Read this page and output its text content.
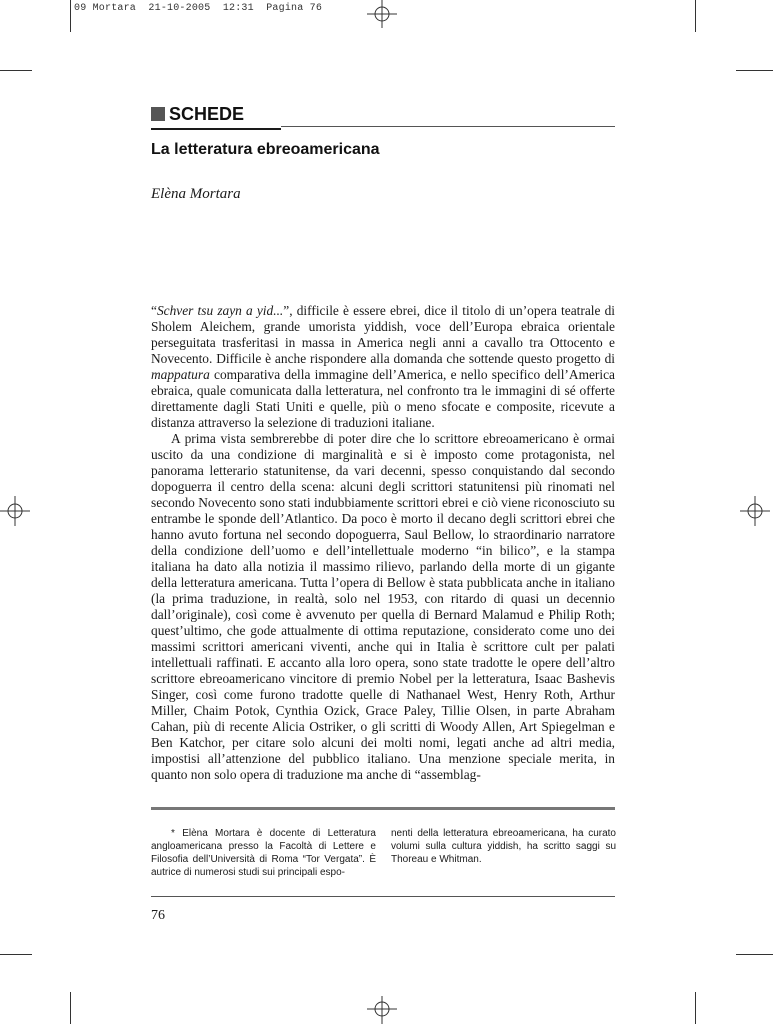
09 Mortara  21-10-2005  12:31  Pagina 76
SCHEDE
La letteratura ebreoamericana
Elèna Mortara

“Schver tsu zayn a yid...”, difficile è essere ebrei, dice il titolo di un’opera teatrale di Sholem Aleichem, grande umorista yiddish, voce dell’Europa ebraica orientale perseguitata trasferitasi in massa in America negli anni a cavallo tra Ottocento e Novecento. Difficile è anche rispondere alla domanda che sottende questo progetto di mappatura comparativa della immagine dell’America, e nello specifico dell’America ebraica, quale comunicata dalla letteratura, nel confronto tra le immagini di sé offerte direttamente dagli Stati Uniti e quelle, più o meno sfocate e composite, ricevute a distanza attraverso la selezione di traduzioni italiane.

A prima vista sembrerebbe di poter dire che lo scrittore ebreoamericano è ormai uscito da una condizione di marginalità e si è imposto come protagonista, nel panorama letterario statunitense, da vari decenni, spesso conquistando dal secondo dopoguerra il centro della scena: alcuni degli scrittori statunitensi più rinomati nel secondo Novecento sono stati indubbiamente scrittori ebrei e ciò viene riconosciuto su entrambe le sponde dell’Atlantico. Da poco è morto il decano degli scrittori ebrei che hanno avuto fortuna nel secondo dopoguerra, Saul Bellow, lo straordinario narratore della condizione dell’uomo e dell’intellettuale moderno “in bilico”, e la stampa italiana ha dato alla notizia il massimo rilievo, parlando della morte di un gigante della letteratura americana. Tutta l’opera di Bellow è stata pubblicata anche in italiano (la prima traduzione, in realtà, solo nel 1953, con ritardo di quasi un decennio dall’originale), così come è avvenuto per quella di Bernard Malamud e Philip Roth; quest’ultimo, che gode attualmente di ottima reputazione, considerato come uno dei massimi scrittori americani viventi, anche qui in Italia è scrittore cult per palati intellettuali raffinati. E accanto alla loro opera, sono state tradotte le opere dell’altro scrittore ebreoamericano vincitore di premio Nobel per la letteratura, Isaac Bashevis Singer, così come furono tradotte quelle di Nathanael West, Henry Roth, Arthur Miller, Chaim Potok, Cynthia Ozick, Grace Paley, Tillie Olsen, in parte Abraham Cahan, più di recente Alicia Ostriker, o gli scritti di Woody Allen, Art Spiegelman e Ben Katchor, per citare solo alcuni dei molti nomi, legati anche ad altri media, impostisi all’attenzione del pubblico italiano. Una menzione speciale merita, in quanto non solo opera di traduzione ma anche di “assemblag-

* Elèna Mortara è docente di Letteratura angloamericana presso la Facoltà di Lettere e Filosofia dell’Università di Roma “Tor Vergata”. È autrice di numerosi studi sui principali espo-
nenti della letteratura ebreoamericana, ha curato volumi sulla cultura yiddish, ha scritto saggi su Thoreau e Whitman.
76
